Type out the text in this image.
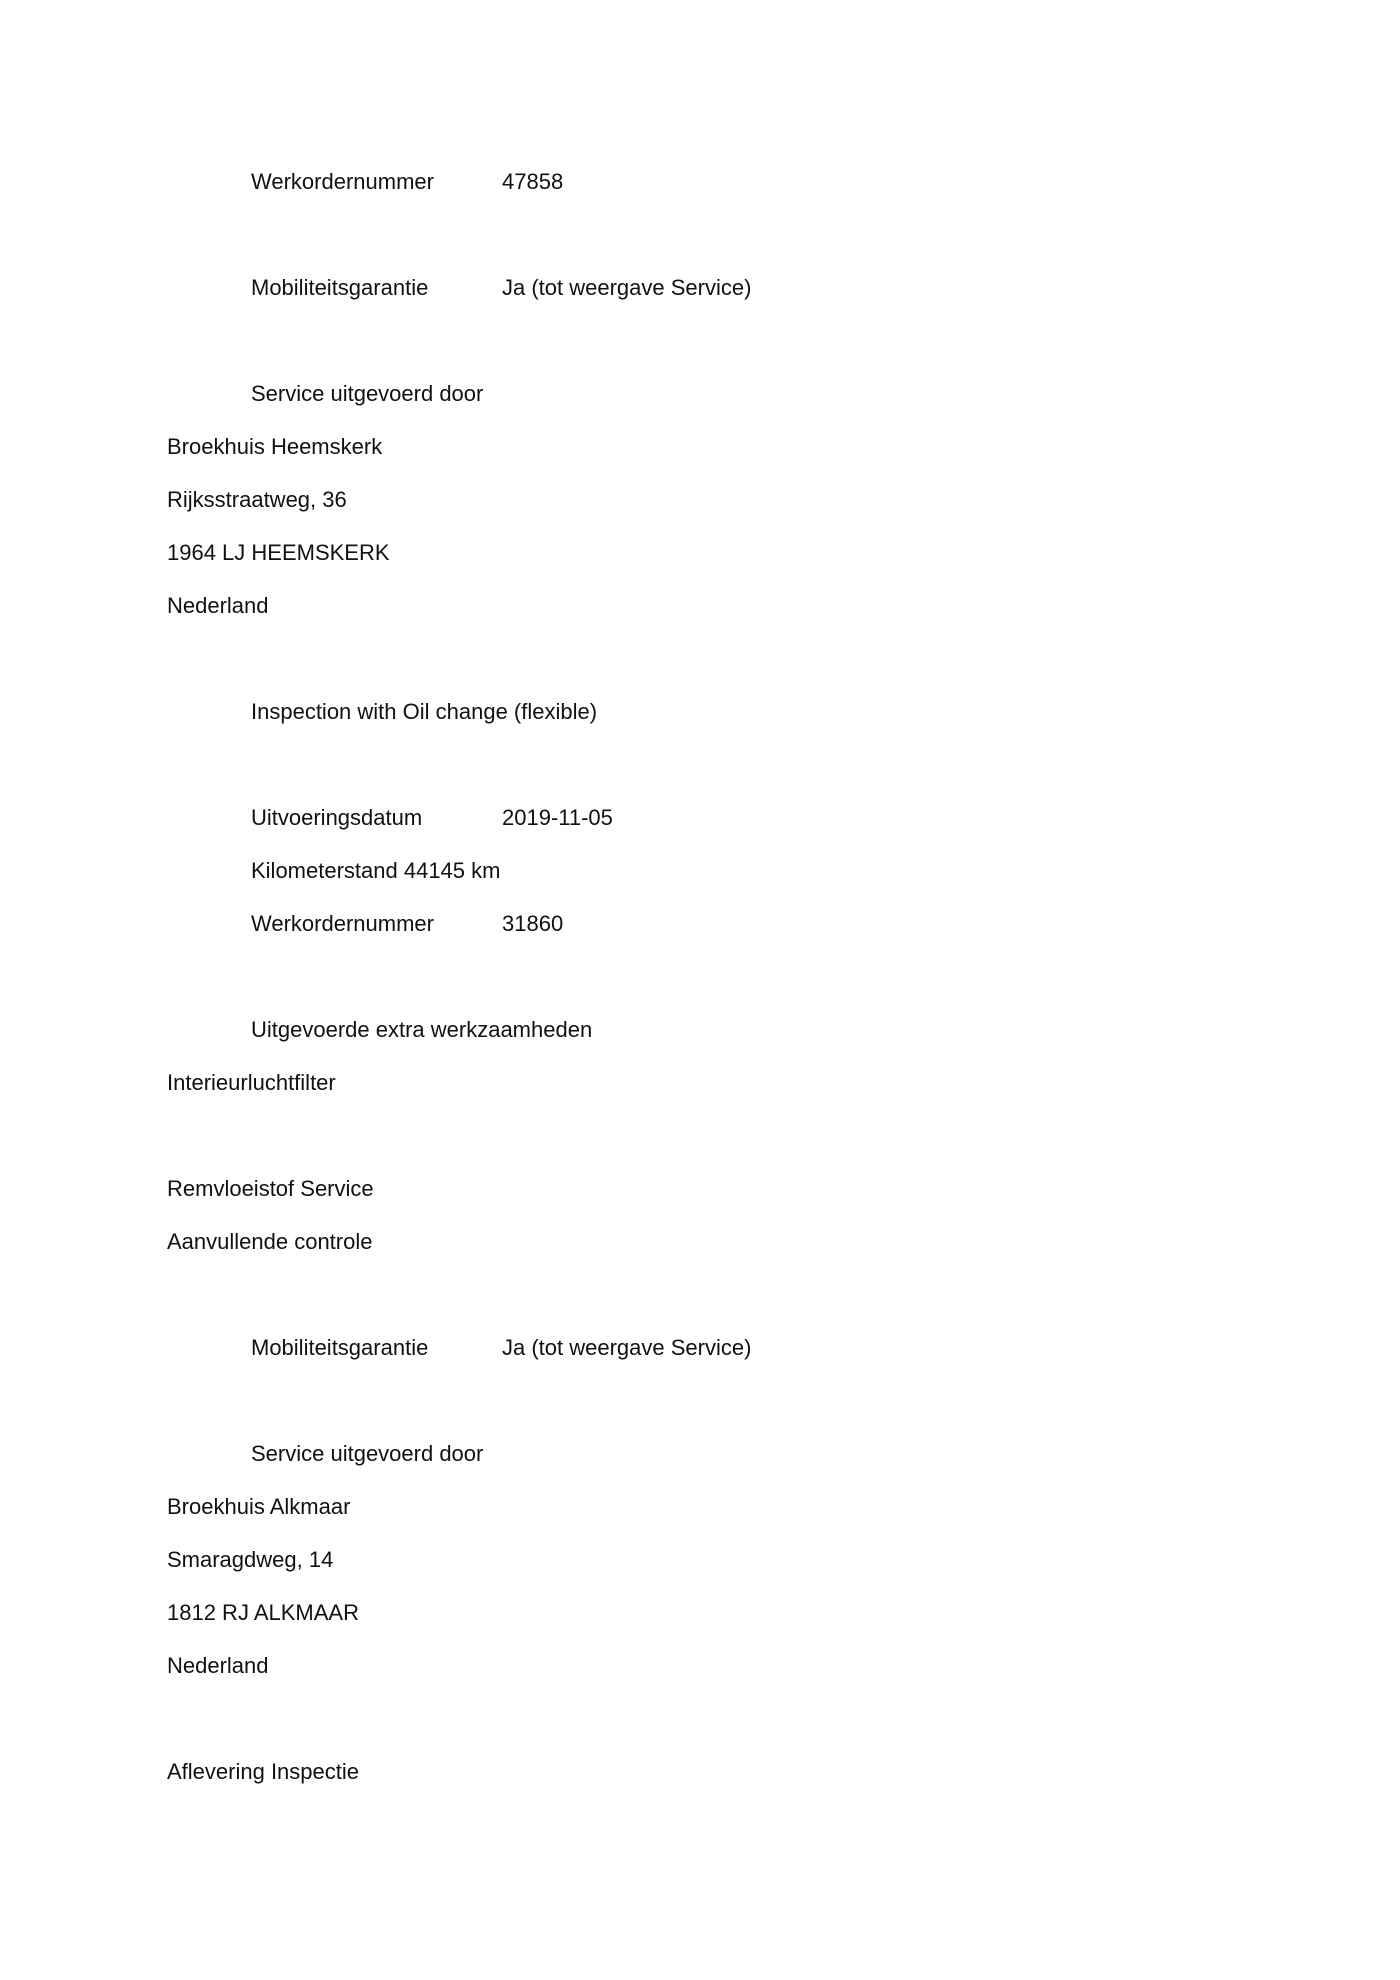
Werkordernummer	47858
Mobiliteitsgarantie	Ja (tot weergave Service)
Service uitgevoerd door
Broekhuis Heemskerk
Rijksstraatweg, 36
1964 LJ HEEMSKERK
Nederland
Inspection with Oil change (flexible)
Uitvoeringsdatum	2019-11-05
Kilometerstand 44145 km
Werkordernummer	31860
Uitgevoerde extra werkzaamheden
Interieurluchtfilter
Remvloeistof Service
Aanvullende controle
Mobiliteitsgarantie	Ja (tot weergave Service)
Service uitgevoerd door
Broekhuis Alkmaar
Smaragdweg, 14
1812 RJ ALKMAAR
Nederland
Aflevering Inspectie
